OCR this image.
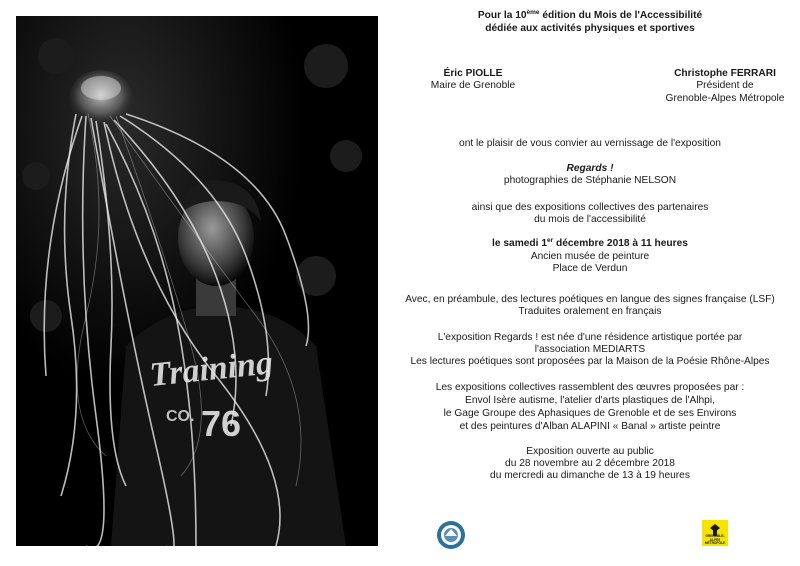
Training
CO. 76
Pour la 10ème édition du Mois de l'Accessibilité
dédiée aux activités physiques et sportives
Éric PIOLLE
Maire de Grenoble
Christophe FERRARI
Président de
Grenoble-Alpes Métropole
ont le plaisir de vous convier au vernissage de l'exposition
Regards !
photographies de Stéphanie NELSON
ainsi que des expositions collectives des partenaires
du mois de l'accessibilité
le samedi 1er décembre 2018 à 11 heures
Ancien musée de peinture
Place de Verdun
Avec, en préambule, des lectures poétiques en langue des signes française (LSF)
Traduites oralement en français
L'exposition Regards ! est née d'une résidence artistique portée par
l'association MEDIARTS
Les lectures poétiques sont proposées par la Maison de la Poésie Rhône-Alpes
Les expositions collectives rassemblent des œuvres proposées par :
Envol Isère autisme, l'atelier d'arts plastiques de l'Alhpi,
le Gage Groupe des Aphasiques de Grenoble et de ses Environs
et des peintures d'Alban ALAPINI « Banal » artiste peintre
Exposition ouverte au public
du 28 novembre au 2 décembre 2018
du mercredi au dimanche de 13 à 19 heures
GRENOBLE-ALPES
MÉTROPOLE
